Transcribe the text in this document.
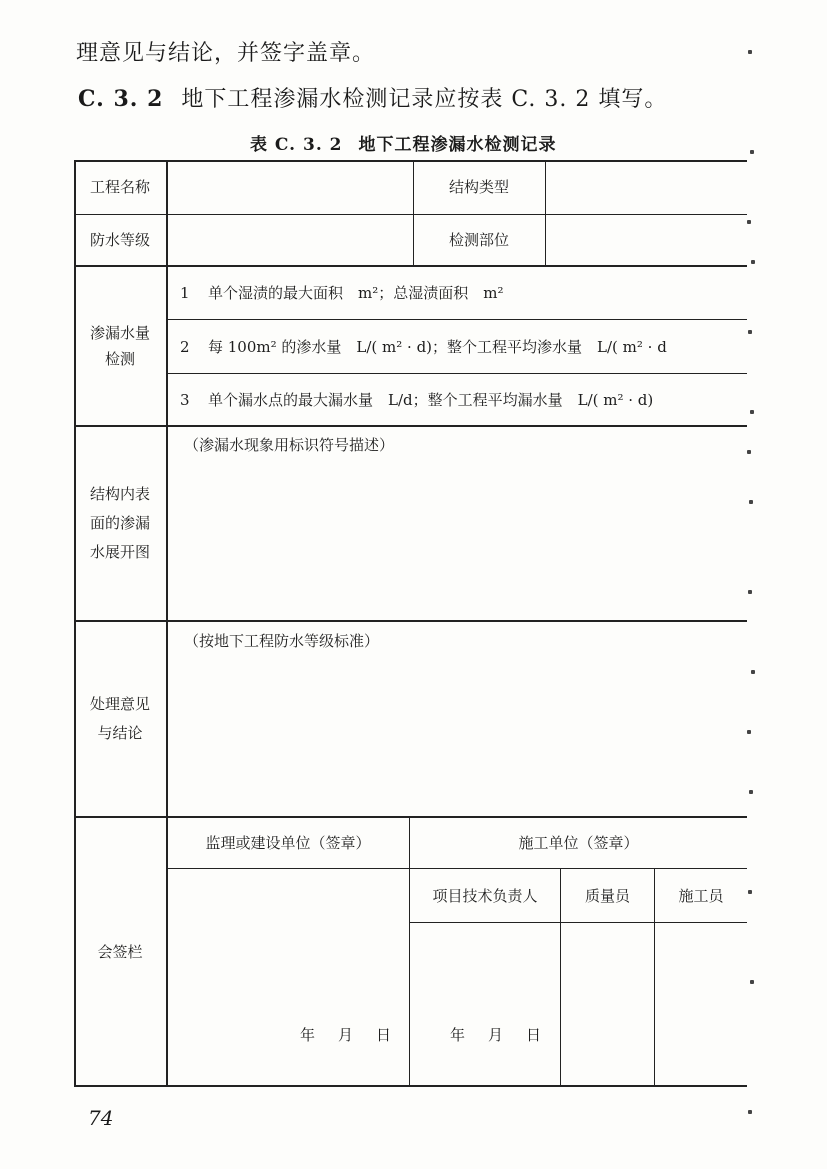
理意见与结论，并签字盖章。
C. 3. 2 地下工程渗漏水检测记录应按表 C. 3. 2 填写。
表 C. 3. 2 地下工程渗漏水检测记录
工程名称	结构类型
防水等级	检测部位
渗漏水量检测
1 单个湿渍的最大面积　m²；总湿渍面积　m²
2 每 100m² 的渗水量　L/( m² · d)；整个工程平均渗水量　L/( m² · d
3 单个漏水点的最大漏水量　L/d；整个工程平均漏水量　L/( m² · d)
结构内表面的渗漏水展开图
（渗漏水现象用标识符号描述）
处理意见与结论
（按地下工程防水等级标准）
会签栏
监理或建设单位（签章）	施工单位（签章）
项目技术负责人	质量员	施工员
年 月 日	年 月 日
74
